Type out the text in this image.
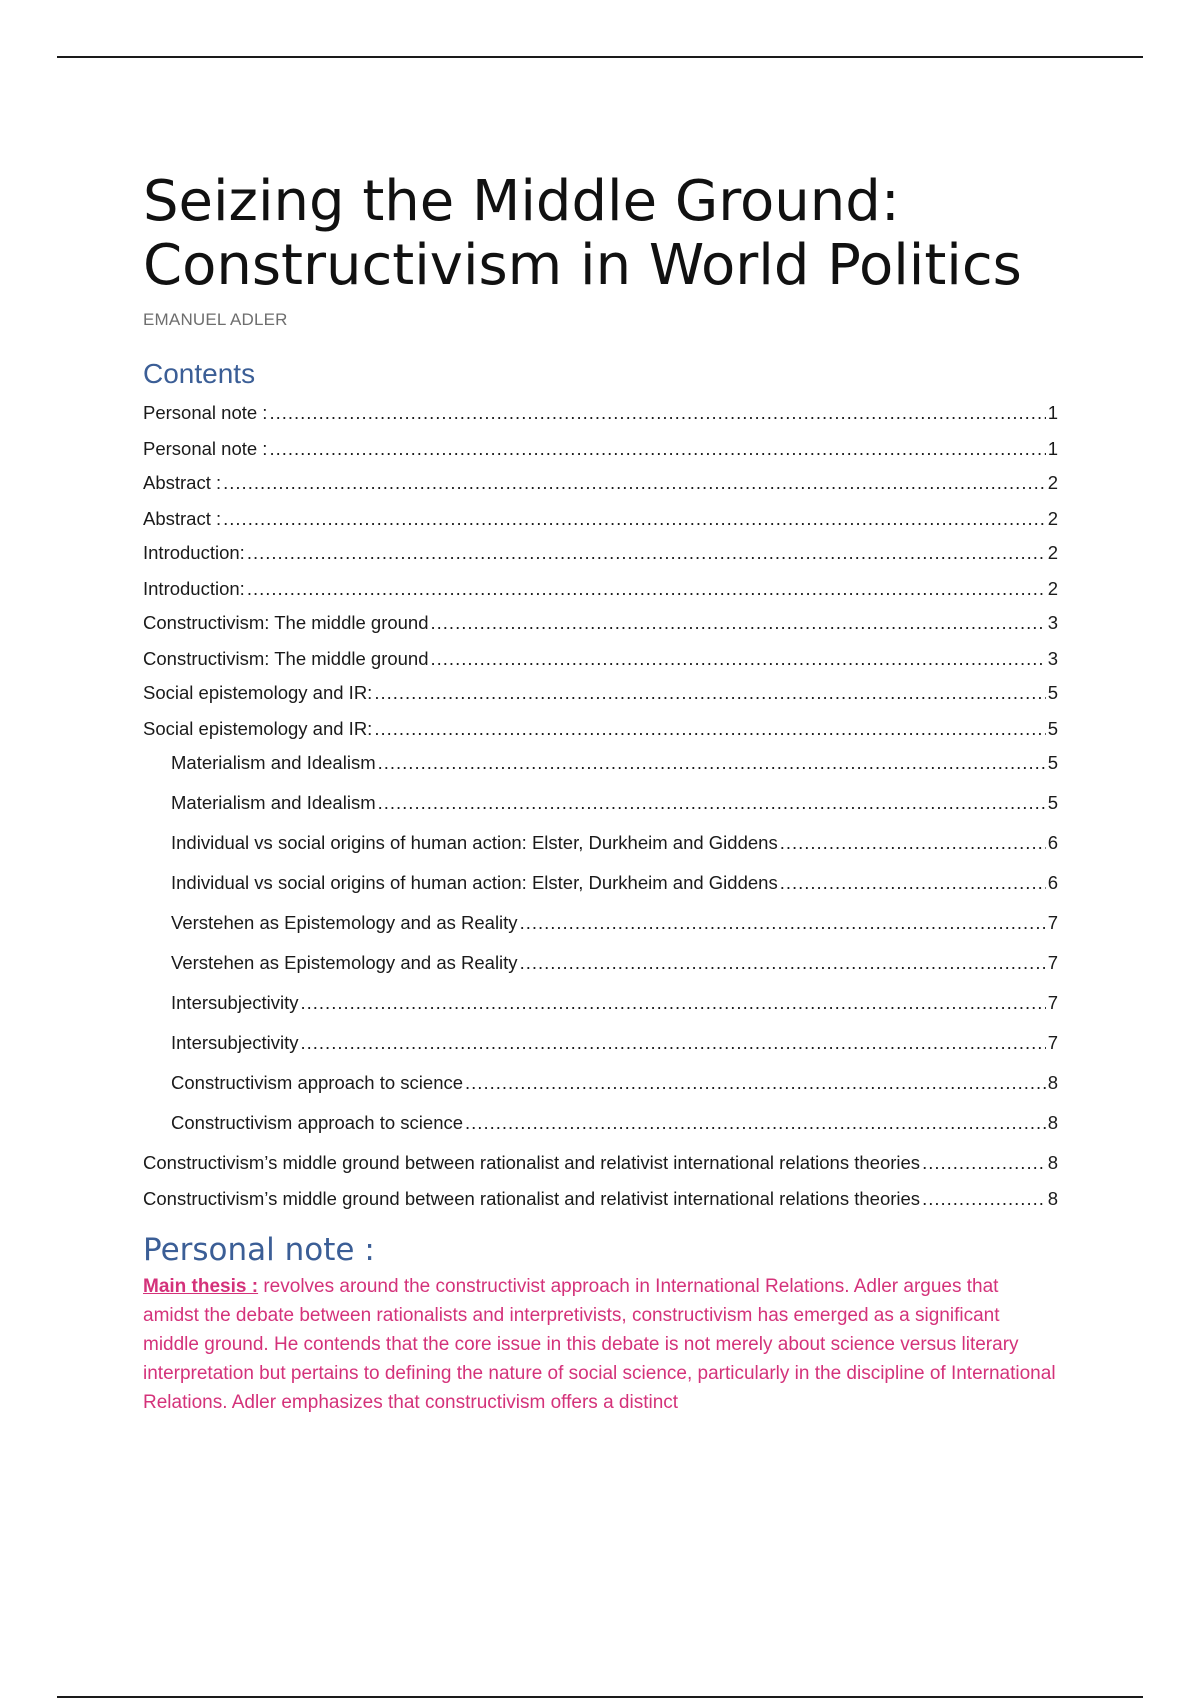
Seizing the Middle Ground:
Constructivism in World Politics
EMANUEL ADLER
Contents
Personal note : .....	1
Personal note : .....	1
Abstract : .....	2
Abstract : .....	2
Introduction: .....	2
Introduction: .....	2
Constructivism: The middle ground .....	3
Constructivism: The middle ground .....	3
Social epistemology and IR: .....	5
Social epistemology and IR: .....	5
Materialism and Idealism .....	5
Materialism and Idealism .....	5
Individual vs social origins of human action: Elster, Durkheim and Giddens .....	6
Individual vs social origins of human action: Elster, Durkheim and Giddens .....	6
Verstehen as Epistemology and as Reality .....	7
Verstehen as Epistemology and as Reality .....	7
Intersubjectivity .....	7
Intersubjectivity .....	7
Constructivism approach to science .....	8
Constructivism approach to science .....	8
Constructivism’s middle ground between rationalist and relativist international relations theories .....	8
Constructivism’s middle ground between rationalist and relativist international relations theories .....	8
Personal note :

Main thesis : revolves around the constructivist approach in International Relations. Adler argues that amidst the debate between rationalists and interpretivists, constructivism has emerged as a significant middle ground. He contends that the core issue in this debate is not merely about science versus literary interpretation but pertains to defining the nature of social science, particularly in the discipline of International Relations. Adler emphasizes that constructivism offers a distinct
